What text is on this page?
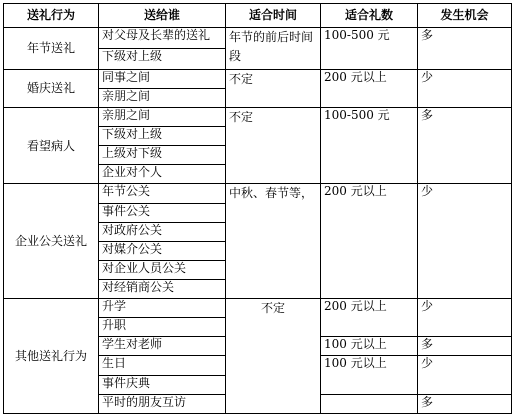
送礼行为	送给谁	适合时间	适合礼数	发生机会
年节送礼	对父母及长辈的送礼	年节的前后时间段	100-500 元	多
	下级对上级			
婚庆送礼	同事之间	不定	200 元以上	少
	亲朋之间			
看望病人	亲朋之间	不定	100-500 元	多
	下级对上级			
	上级对下级			
	企业对个人			
企业公关送礼	年节公关	中秋、春节等，	200 元以上	少
	事件公关			
	对政府公关			
	对媒介公关			
	对企业人员公关			
	对经销商公关			
其他送礼行为	升学	不定	200 元以上	少
	升职			
	学生对老师		100 元以上	多
	生日		100 元以上	少
	事件庆典			
	平时的朋友互访			多
